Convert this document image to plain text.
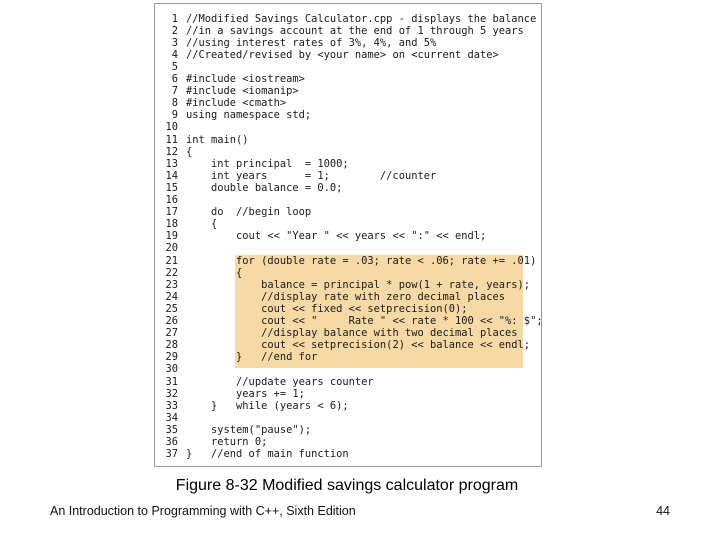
1 //Modified Savings Calculator.cpp - displays the balance
2 //in a savings account at the end of 1 through 5 years
3 //using interest rates of 3%, 4%, and 5%
4 //Created/revised by <your name> on <current date>
5
6 #include <iostream>
7 #include <iomanip>
8 #include <cmath>
9 using namespace std;
10
11 int main()
12 {
13 int principal  = 1000;
14 int years      = 1;        //counter
15 double balance = 0.0;
16
17 do  //begin loop
18 {
19 cout << "Year " << years << ":" << endl;
20
21 for (double rate = .03; rate < .06; rate += .01)
22 {
23 balance = principal * pow(1 + rate, years);
24 //display rate with zero decimal places
25 cout << fixed << setprecision(0);
26 cout << "     Rate " << rate * 100 << "%: $";
27 //display balance with two decimal places
28 cout << setprecision(2) << balance << endl;
29 }   //end for
30
31 //update years counter
32 years += 1;
33 }   while (years < 6);
34
35 system("pause");
36 return 0;
37 }   //end of main function
Figure 8-32 Modified savings calculator program
An Introduction to Programming with C++, Sixth Edition	44
